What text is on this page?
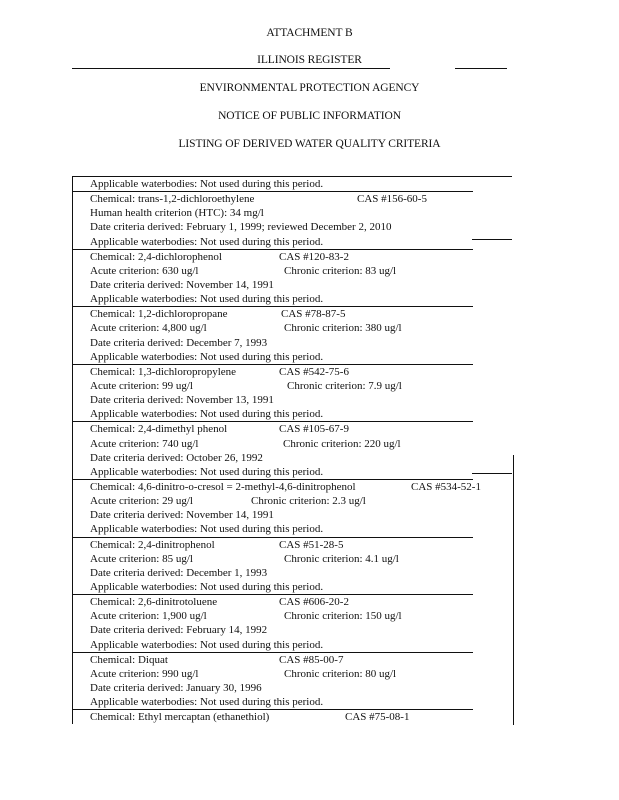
ATTACHMENT B
ILLINOIS REGISTER
ENVIRONMENTAL PROTECTION AGENCY
NOTICE OF PUBLIC INFORMATION
LISTING OF DERIVED WATER QUALITY CRITERIA
Applicable waterbodies: Not used during this period.
Chemical: trans-1,2-dichloroethylene	CAS #156-60-5
Human health criterion (HTC): 34 mg/l
Date criteria derived: February 1, 1999; reviewed December 2, 2010
Applicable waterbodies: Not used during this period.
Chemical: 2,4-dichlorophenol	CAS #120-83-2
Acute criterion: 630 ug/l	Chronic criterion: 83 ug/l
Date criteria derived: November 14, 1991
Applicable waterbodies: Not used during this period.
Chemical: 1,2-dichloropropane	CAS #78-87-5
Acute criterion: 4,800 ug/l	Chronic criterion: 380 ug/l
Date criteria derived: December 7, 1993
Applicable waterbodies: Not used during this period.
Chemical: 1,3-dichloropropylene	CAS #542-75-6
Acute criterion: 99 ug/l	Chronic criterion: 7.9 ug/l
Date criteria derived: November 13, 1991
Applicable waterbodies: Not used during this period.
Chemical: 2,4-dimethyl phenol	CAS #105-67-9
Acute criterion: 740 ug/l	Chronic criterion: 220 ug/l
Date criteria derived: October 26, 1992
Applicable waterbodies: Not used during this period.
Chemical: 4,6-dinitro-o-cresol = 2-methyl-4,6-dinitrophenol	CAS #534-52-1
Acute criterion: 29 ug/l	Chronic criterion: 2.3 ug/l
Date criteria derived: November 14, 1991
Applicable waterbodies: Not used during this period.
Chemical: 2,4-dinitrophenol	CAS #51-28-5
Acute criterion: 85 ug/l	Chronic criterion: 4.1 ug/l
Date criteria derived: December 1, 1993
Applicable waterbodies: Not used during this period.
Chemical: 2,6-dinitrotoluene	CAS #606-20-2
Acute criterion: 1,900 ug/l	Chronic criterion: 150 ug/l
Date criteria derived: February 14, 1992
Applicable waterbodies: Not used during this period.
Chemical: Diquat	CAS #85-00-7
Acute criterion: 990 ug/l	Chronic criterion: 80 ug/l
Date criteria derived: January 30, 1996
Applicable waterbodies: Not used during this period.
Chemical: Ethyl mercaptan (ethanethiol)	CAS #75-08-1
